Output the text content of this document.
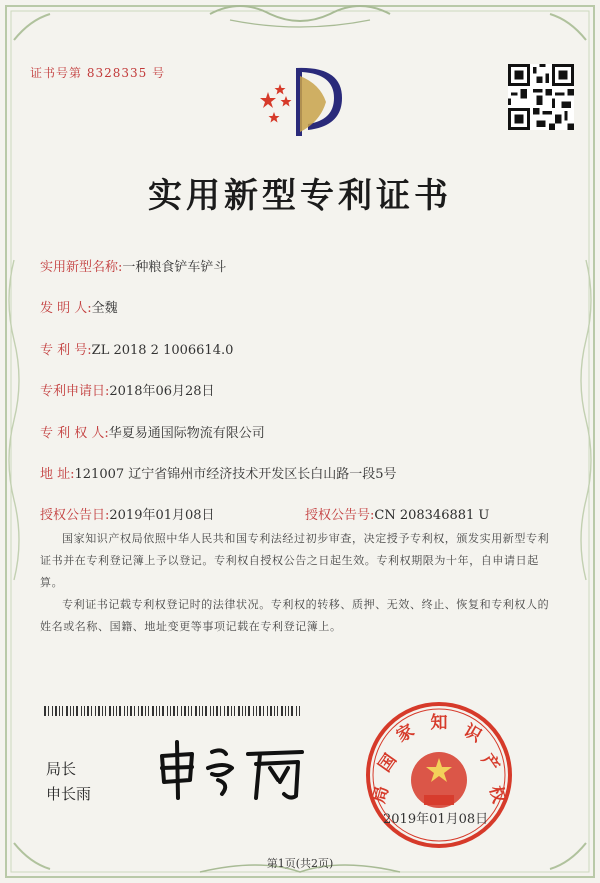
证书号第 8328335 号
实用新型专利证书
实用新型名称:一种粮食铲车铲斗
发 明 人:全魏
专 利 号:ZL 2018 2 1006614.0
专利申请日:2018年06月28日
专 利 权 人:华夏易通国际物流有限公司
地 址:121007 辽宁省锦州市经济技术开发区长白山路一段5号
授权公告日:2019年01月08日	授权公告号:CN 208346881 U
国家知识产权局依照中华人民共和国专利法经过初步审查，决定授予专利权，颁发实用新型专利证书并在专利登记簿上予以登记。专利权自授权公告之日起生效。专利权期限为十年，自申请日起算。
专利证书记载专利权登记时的法律状况。专利权的转移、质押、无效、终止、恢复和专利权人的姓名或名称、国籍、地址变更等事项记载在专利登记簿上。
局长
申长雨
国
家 知 识
产
权
局
2019年01月08日
第1页(共2页)
